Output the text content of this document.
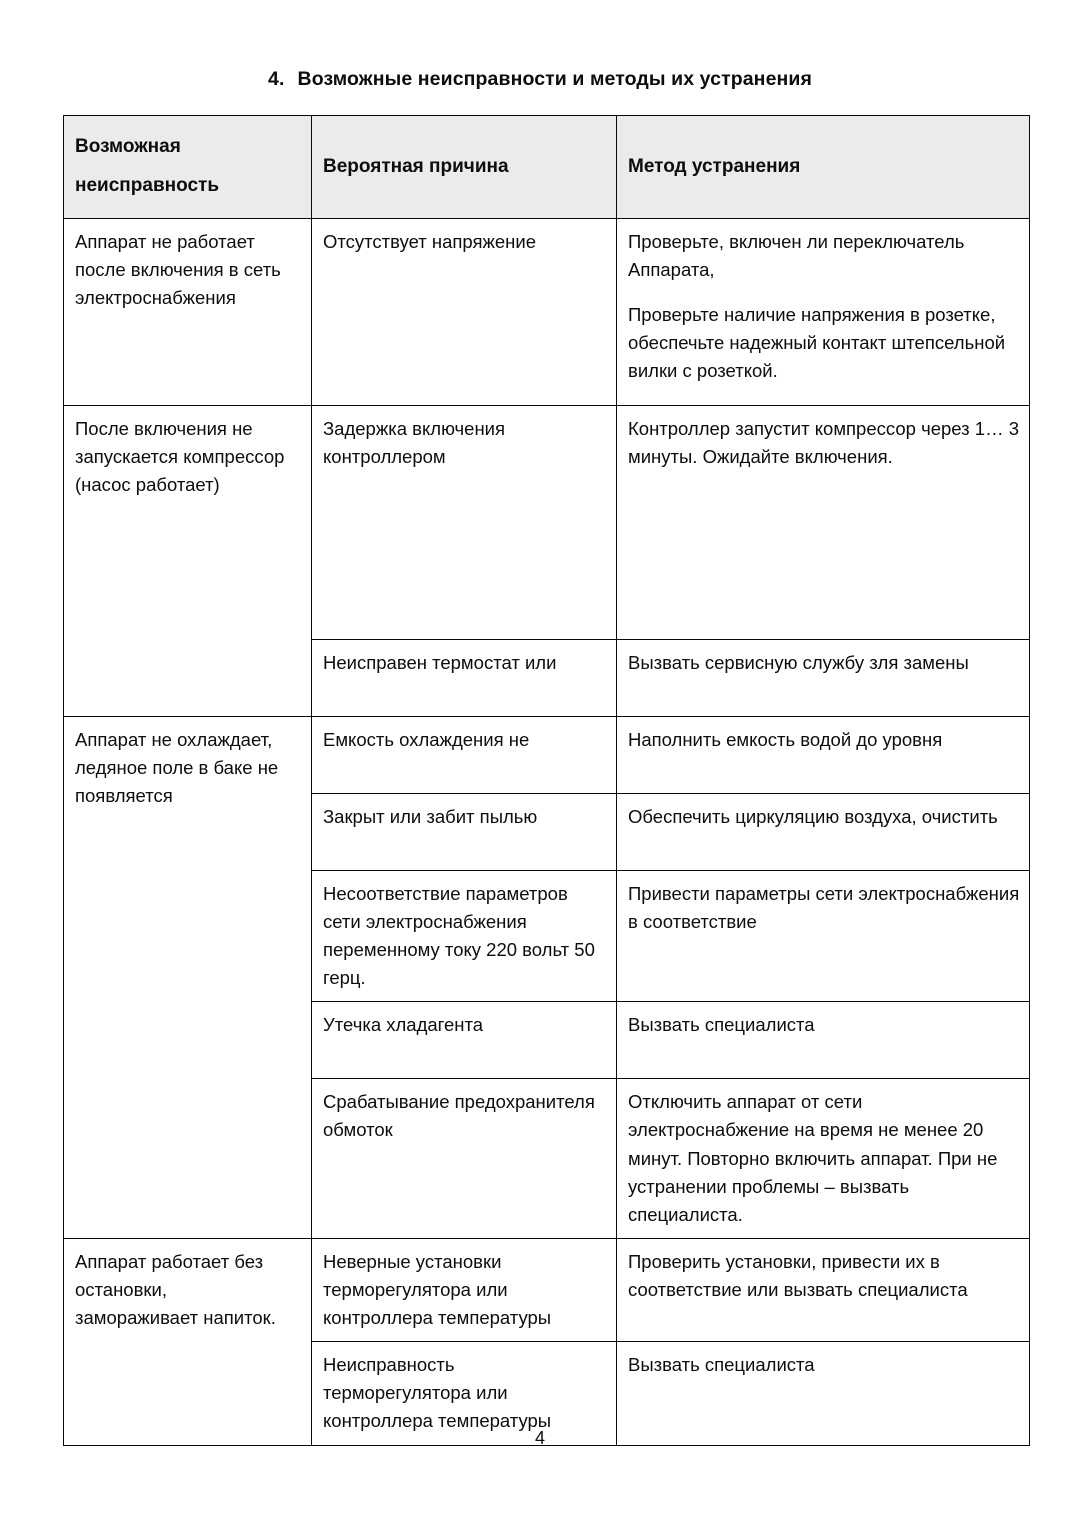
4. Возможные неисправности и методы их устранения
Возможная
неисправность	Вероятная причина	Метод устранения

Аппарат не работает
после включения в сеть
электроснабжения
	Отсутствует напряжение	Проверьте, включен ли переключатель Аппарата,

Проверьте наличие напряжения в розетке, обеспечьте надежный контакт штепсельной вилки с розеткой.

После включения не
запускается компрессор
(насос работает)	Задержка включения контроллером	Контроллер запустит компрессор через 1… 3 минуты. Ожидайте включения.
	Неисправен термостат или	Вызвать сервисную службу зля замены

Аппарат не охлаждает,
ледяное поле в баке не
появляется	Емкость охлаждения не	Наполнить емкость водой до уровня
	Закрыт или забит пылью	Обеспечить циркуляцию воздуха, очистить
	Несоответствие параметров сети электроснабжения переменному току 220 вольт 50 герц.	Привести параметры сети электроснабжения в соответствие
	Утечка хладагента	Вызвать специалиста
	Срабатывание предохранителя обмоток	Отключить аппарат от сети электроснабжение на время не менее 20 минут. Повторно включить аппарат. При не устранении проблемы – вызвать специалиста.

Аппарат работает без
остановки,
замораживает напиток.	Неверные установки терморегулятора или контроллера температуры	Проверить установки, привести их в соответствие или вызвать специалиста
	Неисправность терморегулятора или контроллера температуры	Вызвать специалиста
4
